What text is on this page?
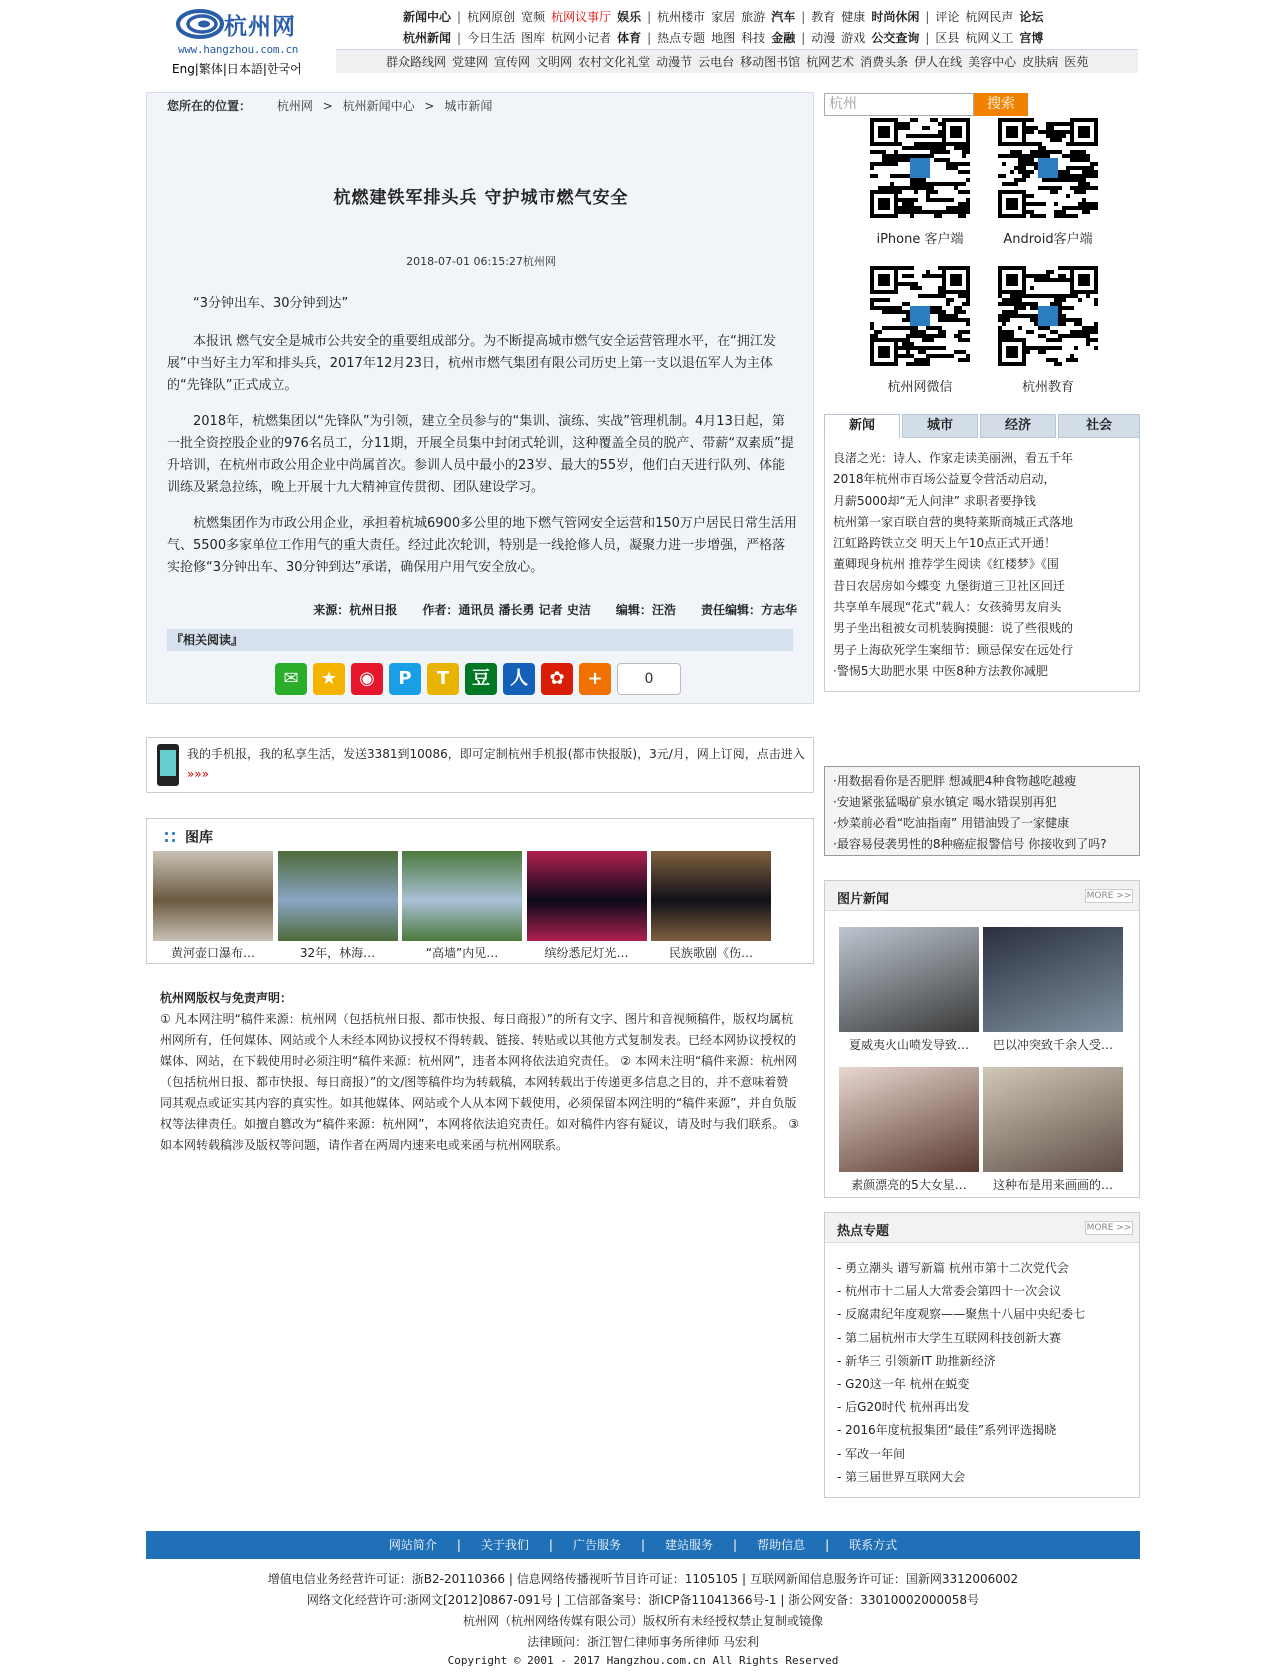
杭州网
www.hangzhou.com.cn
Eng|繁体|日本語|한국어
新闻中心 | 杭网原创 宽频 杭网议事厅 娱乐 | 杭州楼市 家居 旅游 汽车 | 教育 健康 时尚休闲 | 评论 杭网民声 论坛
杭州新闻 | 今日生活 图库 杭网小记者 体育 | 热点专题 地图 科技 金融 | 动漫 游戏 公交查询 | 区县 杭网义工 宫博
群众路线网 党建网 宣传网 文明网 农村文化礼堂 动漫节 云电台 移动图书馆 杭网艺术 消费头条 伊人在线 美容中心 皮肤病 医苑
您所在的位置： 杭州网 > 杭州新闻中心 > 城市新闻
杭燃建铁军排头兵 守护城市燃气安全
2018-07-01 06:15:27杭州网
“3分钟出车、30分钟到达”
本报讯 燃气安全是城市公共安全的重要组成部分。为不断提高城市燃气安全运营管理水平，在“拥江发展”中当好主力军和排头兵，2017年12月23日，杭州市燃气集团有限公司历史上第一支以退伍军人为主体的“先锋队”正式成立。
2018年，杭燃集团以“先锋队”为引领，建立全员参与的“集训、演练、实战”管理机制。4月13日起，第一批全资控股企业的976名员工，分11期，开展全员集中封闭式轮训，这种覆盖全员的脱产、带薪“双素质”提升培训，在杭州市政公用企业中尚属首次。参训人员中最小的23岁、最大的55岁，他们白天进行队列、体能训练及紧急拉练，晚上开展十九大精神宣传贯彻、团队建设学习。
杭燃集团作为市政公用企业，承担着杭城6900多公里的地下燃气管网安全运营和150万户居民日常生活用气、5500多家单位工作用气的重大责任。经过此次轮训，特别是一线抢修人员，凝聚力进一步增强，严格落实抢修“3分钟出车、30分钟到达”承诺，确保用户用气安全放心。
来源：杭州日报      作者：通讯员 潘长勇 记者 史洁      编辑：汪浩      责任编辑：方志华
『相关阅读』
✉ ★ ◉ P T 豆 人 ✿ +	0
我的手机报，我的私享生活，发送3381到10086，即可定制杭州手机报(都市快报版)，3元/月，网上订阅，点击进入
»»»
图库
黄河壶口瀑布…	32年，林海…	“高墙”内见…	缤纷悉尼灯光…	民族歌剧《伤…
杭州网版权与免责声明：
① 凡本网注明“稿件来源：杭州网（包括杭州日报、都市快报、每日商报）”的所有文字、图片和音视频稿件，版权均属杭州网所有，任何媒体、网站或个人未经本网协议授权不得转载、链接、转贴或以其他方式复制发表。已经本网协议授权的媒体、网站，在下载使用时必须注明“稿件来源：杭州网”，违者本网将依法追究责任。 ② 本网未注明“稿件来源：杭州网（包括杭州日报、都市快报、每日商报）”的文/图等稿件均为转载稿，本网转载出于传递更多信息之目的，并不意味着赞同其观点或证实其内容的真实性。如其他媒体、网站或个人从本网下载使用，必须保留本网注明的“稿件来源”，并自负版权等法律责任。如擅自篡改为“稿件来源：杭州网”，本网将依法追究责任。如对稿件内容有疑议，请及时与我们联系。 ③ 如本网转载稿涉及版权等问题，请作者在两周内速来电或来函与杭州网联系。
杭州	搜索
iPhone 客户端	Android客户端
杭州网微信	杭州教育
新闻	城市	经济	社会
良渚之光：诗人、作家走读美丽洲，看五千年
2018年杭州市百场公益夏令营活动启动，
月薪5000却“无人问津” 求职者要挣钱
杭州第一家百联自营的奥特莱斯商城正式落地
江虹路跨铁立交 明天上午10点正式开通！
董卿现身杭州 推荐学生阅读《红楼梦》《围
昔日农居房如今蝶变 九堡街道三卫社区回迁
共享单车展现“花式”载人：女孩骑男友肩头
男子坐出租被女司机装胸摸腿：说了些很贱的
男子上海砍死学生案细节：顾忌保安在远处行
·警惕5大助肥水果 中医8种方法教你减肥
·用数据看你是否肥胖 想减肥4种食物越吃越瘦
·安迪紧张猛喝矿泉水镇定 喝水错误别再犯
·炒菜前必看“吃油指南” 用错油毁了一家健康
·最容易侵袭男性的8种癌症报警信号 你接收到了吗?
图片新闻	MORE >>
夏威夷火山喷发导致…	巴以冲突致千余人受…
素颜漂亮的5大女星…	这种布是用来画画的…
热点专题	MORE >>
- 勇立潮头 谱写新篇 杭州市第十二次党代会
- 杭州市十二届人大常委会第四十一次会议
- 反腐肃纪年度观察——聚焦十八届中央纪委七
- 第二届杭州市大学生互联网科技创新大赛
- 新华三 引领新IT 助推新经济
- G20这一年 杭州在蜕变
- 后G20时代 杭州再出发
- 2016年度杭报集团“最佳”系列评选揭晓
- 军改一年间
- 第三届世界互联网大会
网站简介 | 关于我们 | 广告服务 | 建站服务 | 帮助信息 | 联系方式
增值电信业务经营许可证：浙B2-20110366 | 信息网络传播视听节目许可证：1105105 | 互联网新闻信息服务许可证：国新网3312006002
网络文化经营许可:浙网文[2012]0867-091号 | 工信部备案号：浙ICP备11041366号-1 | 浙公网安备：33010002000058号
杭州网（杭州网络传媒有限公司）版权所有未经授权禁止复制或镜像
法律顾问：浙江智仁律师事务所律师 马宏利
Copyright © 2001 - 2017 Hangzhou.com.cn All Rights Reserved
